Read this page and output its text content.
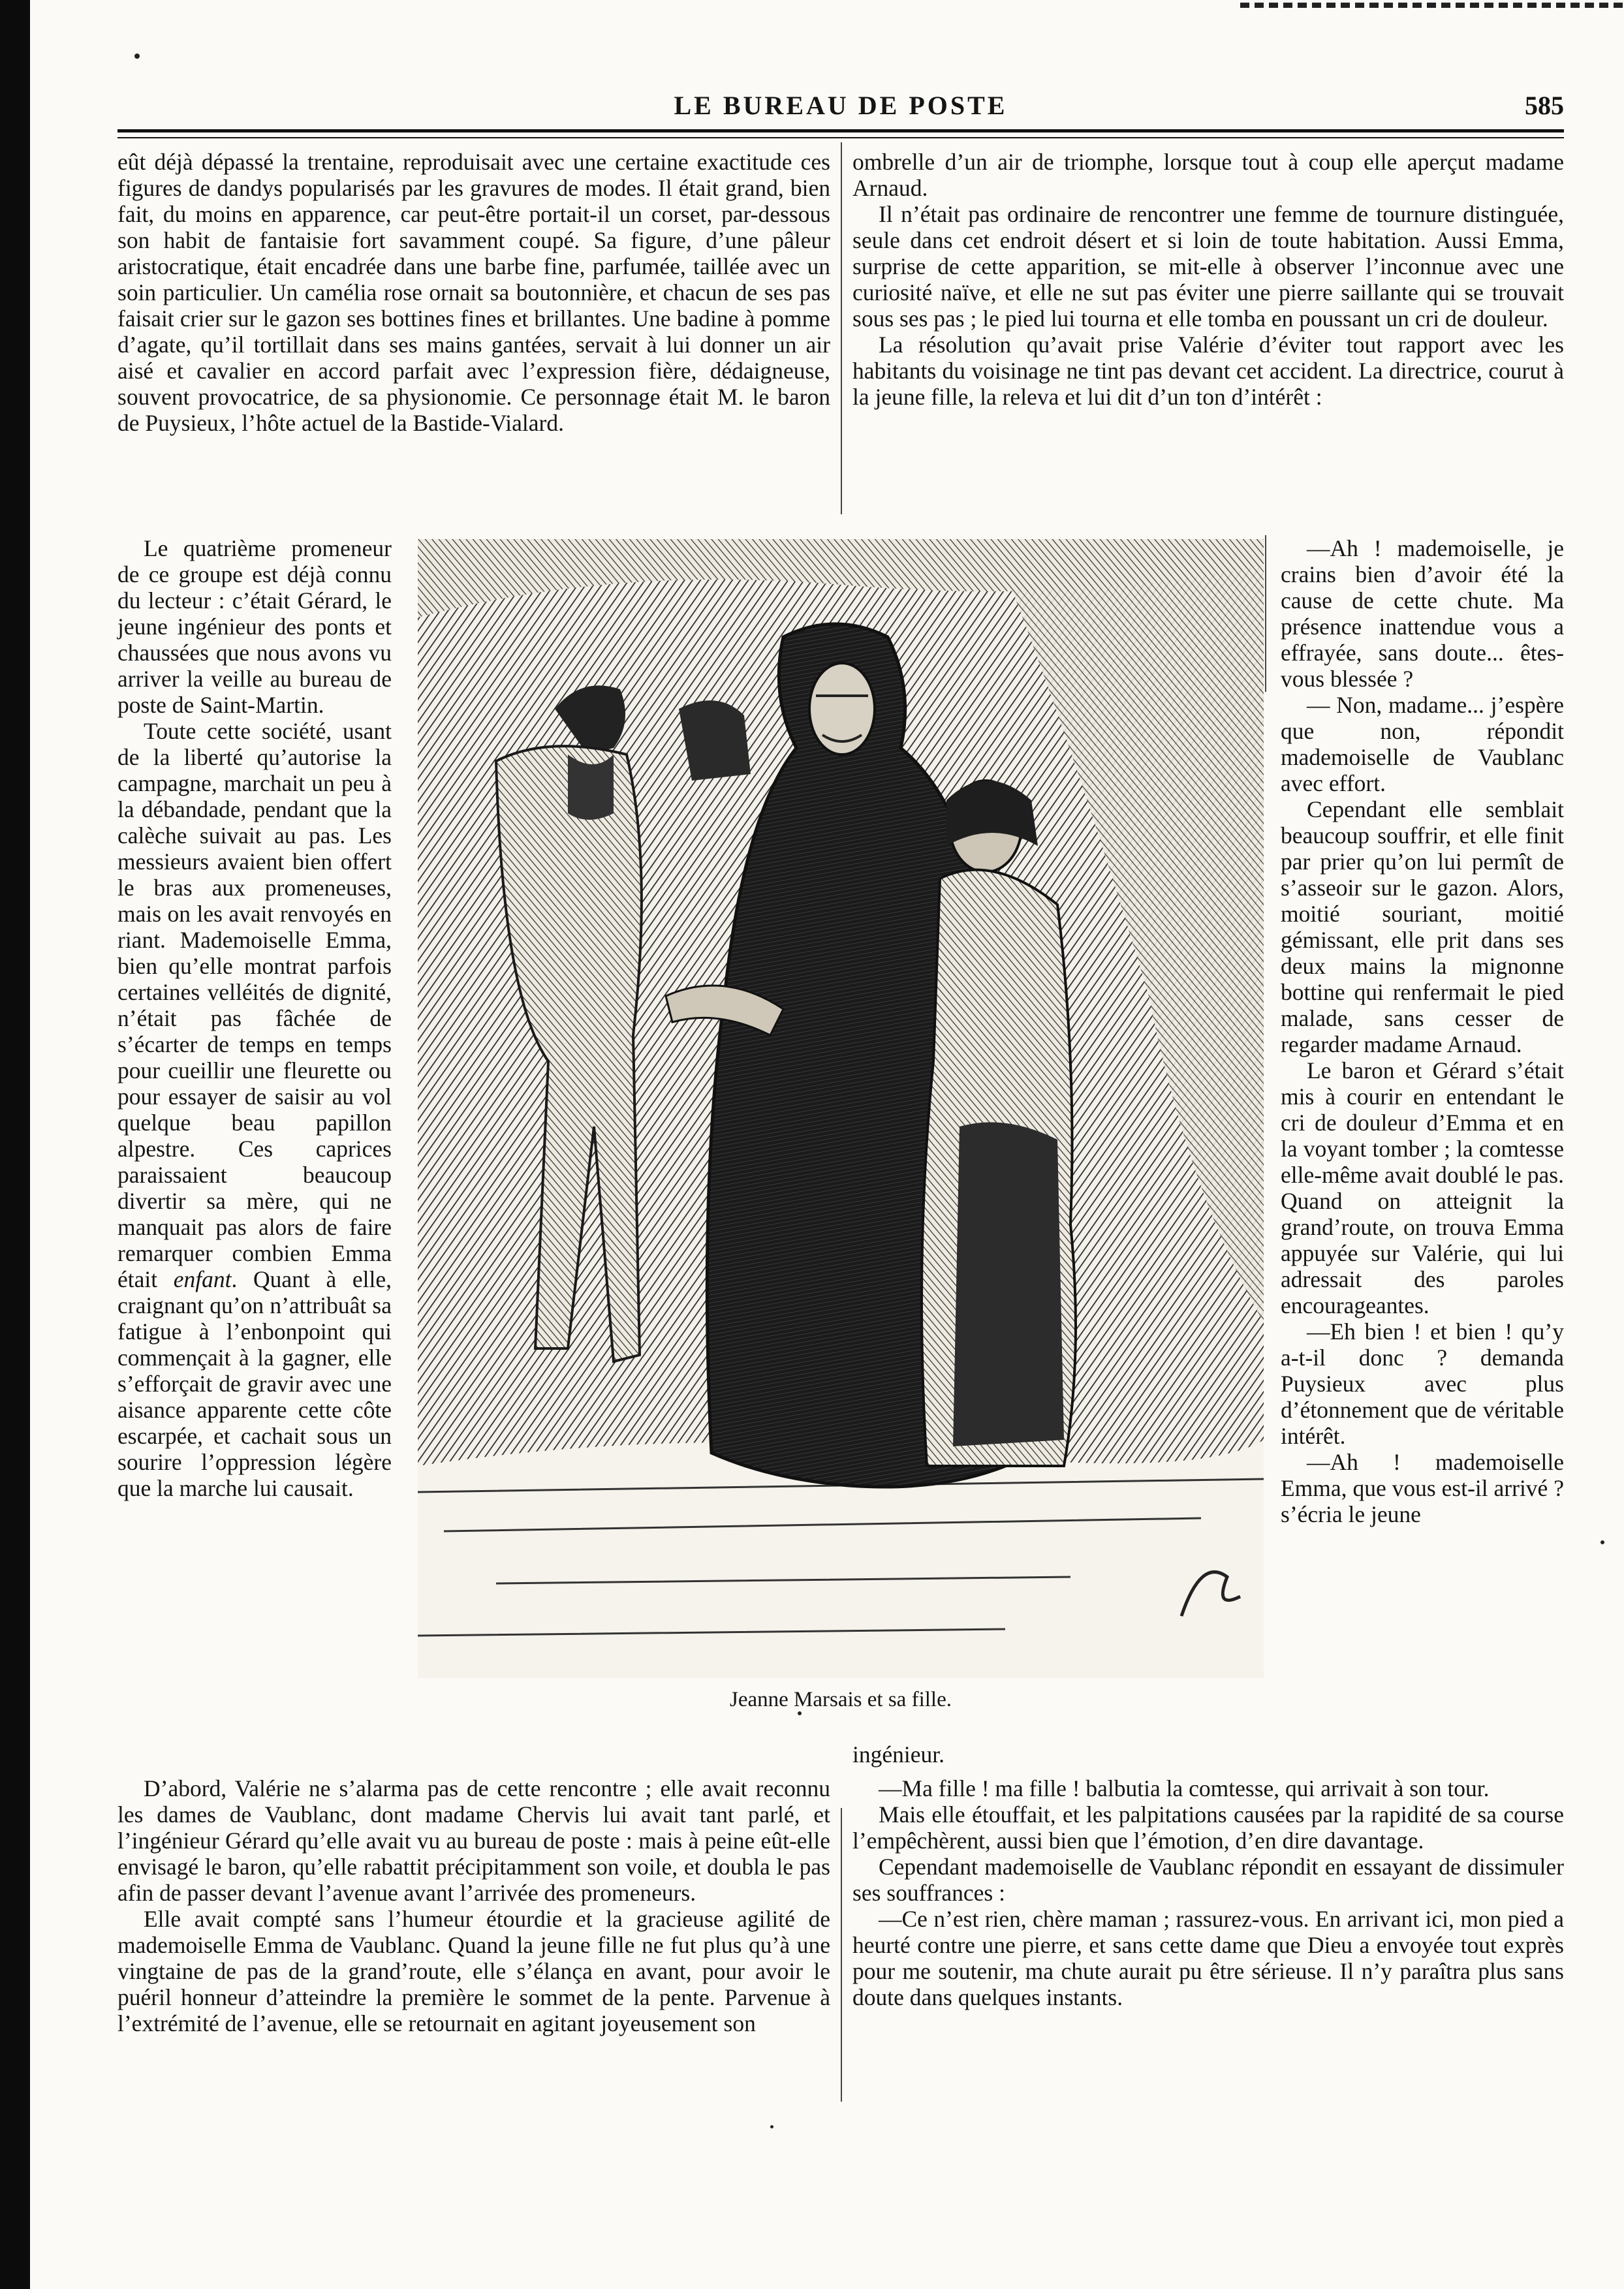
LE BUREAU DE POSTE	585

eût déjà dépassé la trentaine, reproduisait avec une certaine exactitude ces figures de dandys popularisés par les gravures de modes. Il était grand, bien fait, du moins en apparence, car peut-être portait-il un corset, par-dessous son habit de fantaisie fort savamment coupé. Sa figure, d’une pâleur aristocratique, était encadrée dans une barbe fine, parfumée, taillée avec un soin particulier. Un camélia rose ornait sa boutonnière, et chacun de ses pas faisait crier sur le gazon ses bottines fines et brillantes. Une badine à pomme d’agate, qu’il tortillait dans ses mains gantées, servait à lui donner un air aisé et cavalier en accord parfait avec l’expression fière, dédaigneuse, souvent provocatrice, de sa physionomie. Ce personnage était M. le baron de Puysieux, l’hôte actuel de la Bastide-Vialard.

ombrelle d’un air de triomphe, lorsque tout à coup elle aperçut madame Arnaud.

Il n’était pas ordinaire de rencontrer une femme de tournure distinguée, seule dans cet endroit désert et si loin de toute habitation. Aussi Emma, surprise de cette apparition, se mit-elle à observer l’inconnue avec une curiosité naïve, et elle ne sut pas éviter une pierre saillante qui se trouvait sous ses pas ; le pied lui tourna et elle tomba en poussant un cri de douleur.

La résolution qu’avait prise Valérie d’éviter tout rapport avec les habitants du voisinage ne tint pas devant cet accident. La directrice, courut à la jeune fille, la releva et lui dit d’un ton d’intérêt :

Le quatrième promeneur de ce groupe est déjà connu du lecteur : c’était Gérard, le jeune ingénieur des ponts et chaussées que nous avons vu arriver la veille au bureau de poste de Saint-Martin.

Toute cette société, usant de la liberté qu’autorise la campagne, marchait un peu à la débandade, pendant que la calèche suivait au pas. Les messieurs avaient bien offert le bras aux promeneuses, mais on les avait renvoyés en riant. Mademoiselle Emma, bien qu’elle montrat parfois certaines velléités de dignité, n’était pas fâchée de s’écarter de temps en temps pour cueillir une fleurette ou pour essayer de saisir au vol quelque beau papillon alpestre. Ces caprices paraissaient beaucoup divertir sa mère, qui ne manquait pas alors de faire remarquer combien Emma était enfant. Quant à elle, craignant qu’on n’attribuât sa fatigue à l’enbonpoint qui commençait à la gagner, elle s’efforçait de gravir avec une aisance apparente cette côte escarpée, et cachait sous un sourire l’oppression légère que la marche lui causait.

Jeanne Marsais et sa fille.

—Ah ! mademoiselle, je crains bien d’avoir été la cause de cette chute. Ma présence inattendue vous a effrayée, sans doute... êtes-vous blessée ?

— Non, madame... j’espère que non, répondit mademoiselle de Vaublanc avec effort.

Cependant elle semblait beaucoup souffrir, et elle finit par prier qu’on lui permît de s’asseoir sur le gazon. Alors, moitié souriant, moitié gémissant, elle prit dans ses deux mains la mignonne bottine qui renfermait le pied malade, sans cesser de regarder madame Arnaud.

Le baron et Gérard s’était mis à courir en entendant le cri de douleur d’Emma et en la voyant tomber ; la comtesse elle-même avait doublé le pas. Quand on atteignit la grand’route, on trouva Emma appuyée sur Valérie, qui lui adressait des paroles encourageantes.

—Eh bien ! et bien ! qu’y a-t-il donc ? demanda Puysieux avec plus d’étonnement que de véritable intérêt.

—Ah ! mademoiselle Emma, que vous est-il arrivé ? s’écria le jeune

ingénieur.

D’abord, Valérie ne s’alarma pas de cette rencontre ; elle avait reconnu les dames de Vaublanc, dont madame Chervis lui avait tant parlé, et l’ingénieur Gérard qu’elle avait vu au bureau de poste : mais à peine eût-elle envisagé le baron, qu’elle rabattit précipitamment son voile, et doubla le pas afin de passer devant l’avenue avant l’arrivée des promeneurs.

Elle avait compté sans l’humeur étourdie et la gracieuse agilité de mademoiselle Emma de Vaublanc. Quand la jeune fille ne fut plus qu’à une vingtaine de pas de la grand’route, elle s’élança en avant, pour avoir le puéril honneur d’atteindre la première le sommet de la pente. Parvenue à l’extrémité de l’avenue, elle se retournait en agitant joyeusement son

—Ma fille ! ma fille ! balbutia la comtesse, qui arrivait à son tour.

Mais elle étouffait, et les palpitations causées par la rapidité de sa course l’empêchèrent, aussi bien que l’émotion, d’en dire davantage.

Cependant mademoiselle de Vaublanc répondit en essayant de dissimuler ses souffrances :

—Ce n’est rien, chère maman ; rassurez-vous. En arrivant ici, mon pied a heurté contre une pierre, et sans cette dame que Dieu a envoyée tout exprès pour me soutenir, ma chute aurait pu être sérieuse. Il n’y paraîtra plus sans doute dans quelques instants.
